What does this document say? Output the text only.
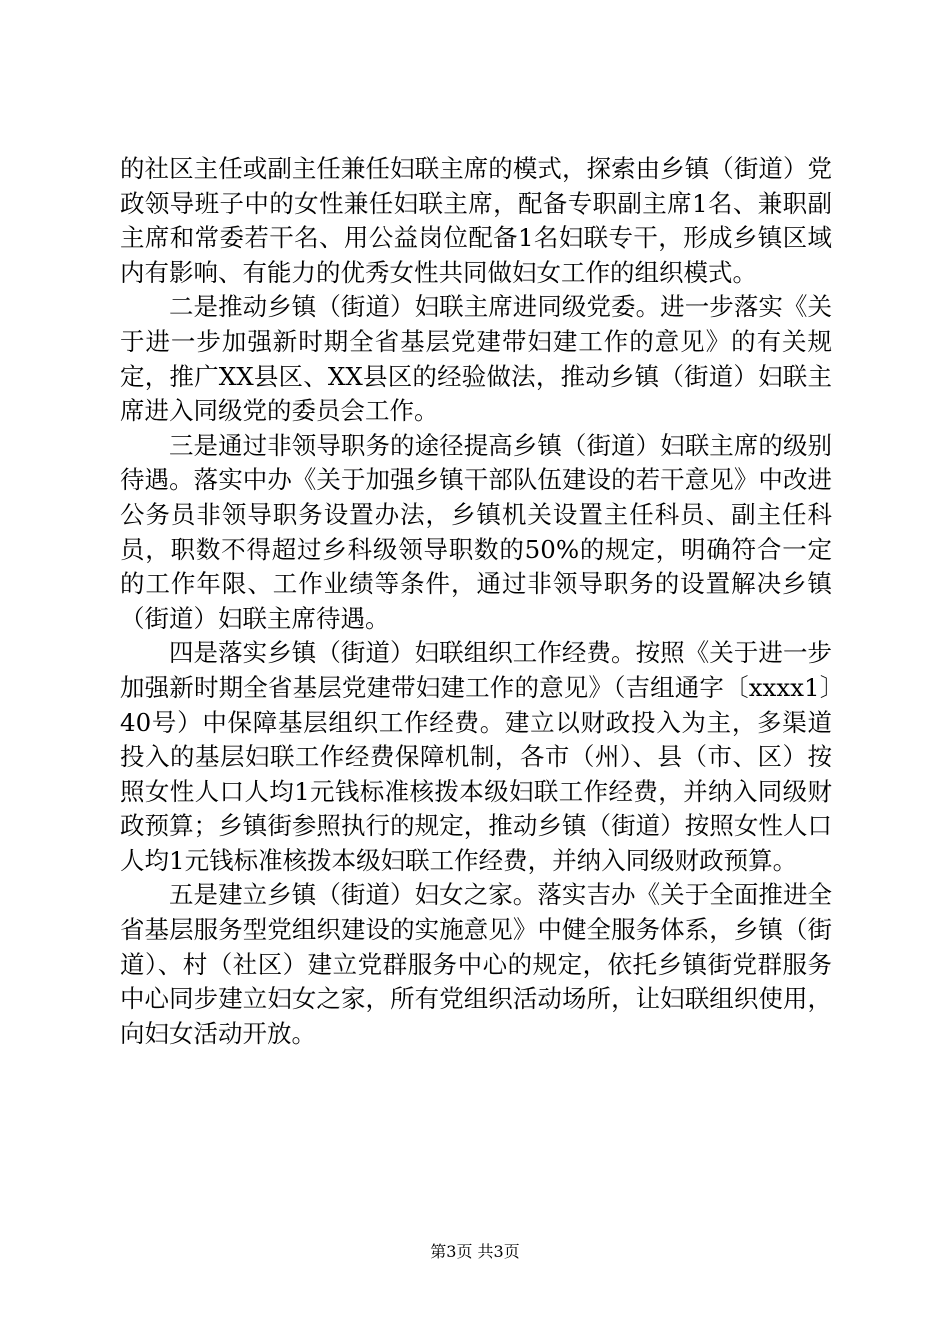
的社区主任或副主任兼任妇联主席的模式，探索由乡镇（街道）党政领导班子中的女性兼任妇联主席，配备专职副主席1名、兼职副主席和常委若干名、用公益岗位配备1名妇联专干，形成乡镇区域内有影响、有能力的优秀女性共同做妇女工作的组织模式。

二是推动乡镇（街道）妇联主席进同级党委。进一步落实《关于进一步加强新时期全省基层党建带妇建工作的意见》的有关规定，推广XX县区、XX县区的经验做法，推动乡镇（街道）妇联主席进入同级党的委员会工作。

三是通过非领导职务的途径提高乡镇（街道）妇联主席的级别待遇。落实中办《关于加强乡镇干部队伍建设的若干意见》中改进公务员非领导职务设置办法，乡镇机关设置主任科员、副主任科员，职数不得超过乡科级领导职数的50%的规定，明确符合一定的工作年限、工作业绩等条件，通过非领导职务的设置解决乡镇（街道）妇联主席待遇。

四是落实乡镇（街道）妇联组织工作经费。按照《关于进一步加强新时期全省基层党建带妇建工作的意见》（吉组通字〔xxxx1〕40号）中保障基层组织工作经费。建立以财政投入为主，多渠道投入的基层妇联工作经费保障机制，各市（州）、县（市、区）按照女性人口人均1元钱标准核拨本级妇联工作经费，并纳入同级财政预算；乡镇街参照执行的规定，推动乡镇（街道）按照女性人口人均1元钱标准核拨本级妇联工作经费，并纳入同级财政预算。

五是建立乡镇（街道）妇女之家。落实吉办《关于全面推进全省基层服务型党组织建设的实施意见》中健全服务体系，乡镇（街道）、村（社区）建立党群服务中心的规定，依托乡镇街党群服务中心同步建立妇女之家，所有党组织活动场所，让妇联组织使用，向妇女活动开放。

第3页 共3页
